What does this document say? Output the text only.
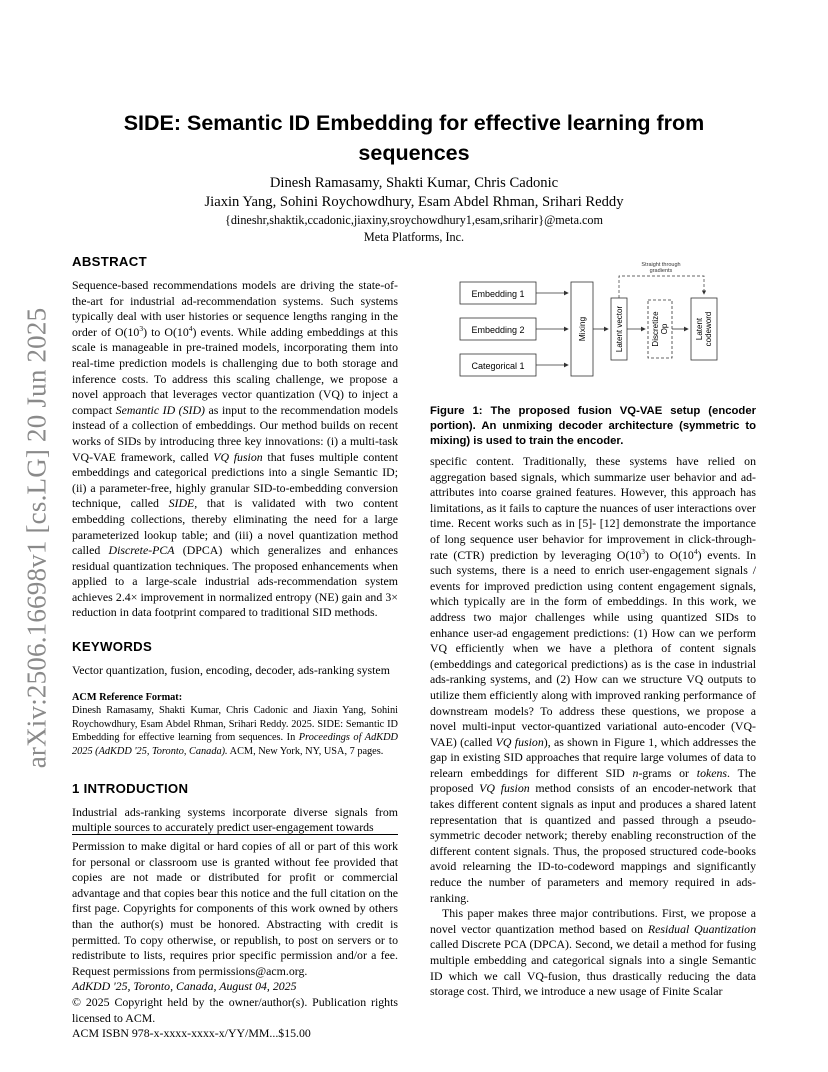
SIDE: Semantic ID Embedding for effective learning from sequences
Dinesh Ramasamy, Shakti Kumar, Chris Cadonic
Jiaxin Yang, Sohini Roychowdhury, Esam Abdel Rhman, Srihari Reddy
{dineshr,shaktik,ccadonic,jiaxiny,sroychowdhury1,esam,sriharir}@meta.com
Meta Platforms, Inc.
arXiv:2506.16698v1 [cs.LG] 20 Jun 2025
ABSTRACT

Sequence-based recommendations models are driving the state-of-the-art for industrial ad-recommendation systems. Such systems typically deal with user histories or sequence lengths ranging in the order of $O(10^3)$ to $O(10^4)$ events. While adding embeddings at this scale is manageable in pre-trained models, incorporating them into real-time prediction models is challenging due to both storage and inference costs. To address this scaling challenge, we propose a novel approach that leverages vector quantization (VQ) to inject a compact Semantic ID (SID) as input to the recommendation models instead of a collection of embeddings. Our method builds on recent works of SIDs by introducing three key innovations: (i) a multi-task VQ-VAE framework, called VQ fusion that fuses multiple content embeddings and categorical predictions into a single Semantic ID; (ii) a parameter-free, highly granular SID-to-embedding conversion technique, called SIDE, that is validated with two content embedding collections, thereby eliminating the need for a large parameterized lookup table; and (iii) a novel quantization method called Discrete-PCA (DPCA) which generalizes and enhances residual quantization techniques. The proposed enhancements when applied to a large-scale industrial ads-recommendation system achieves 2.4× improvement in normalized entropy (NE) gain and 3× reduction in data footprint compared to traditional SID methods.

KEYWORDS

Vector quantization, fusion, encoding, decoder, ads-ranking system

ACM Reference Format:
Dinesh Ramasamy, Shakti Kumar, Chris Cadonic and Jiaxin Yang, Sohini Roychowdhury, Esam Abdel Rhman, Srihari Reddy. 2025. SIDE: Semantic ID Embedding for effective learning from sequences. In Proceedings of AdKDD 2025 (AdKDD '25, Toronto, Canada). ACM, New York, NY, USA, 7 pages.

1 INTRODUCTION

Industrial ads-ranking systems incorporate diverse signals from multiple sources to accurately predict user-engagement towards

Permission to make digital or hard copies of all or part of this work for personal or classroom use is granted without fee provided that copies are not made or distributed for profit or commercial advantage and that copies bear this notice and the full citation on the first page. Copyrights for components of this work owned by others than the author(s) must be honored. Abstracting with credit is permitted. To copy otherwise, or republish, to post on servers or to redistribute to lists, requires prior specific permission and/or a fee. Request permissions from permissions@acm.org.

AdKDD '25, Toronto, Canada, August 04, 2025

© 2025 Copyright held by the owner/author(s). Publication rights licensed to ACM.

ACM ISBN 978-x-xxxx-xxxx-x/YY/MM...$15.00

Embedding 1
Embedding 2
Categorical 1
Mixing	Latent vector	Discretize Op	Latent codeword
Straight through
gradients
Figure 1: The proposed fusion VQ-VAE setup (encoder portion). An unmixing decoder architecture (symmetric to mixing) is used to train the encoder.

specific content. Traditionally, these systems have relied on aggregation based signals, which summarize user behavior and ad-attributes into coarse grained features. However, this approach has limitations, as it fails to capture the nuances of user interactions over time. Recent works such as in [5]- [12] demonstrate the importance of long sequence user behavior for improvement in click-through-rate (CTR) prediction by leveraging $O(10^3)$ to $O(10^4)$ events. In such systems, there is a need to enrich user-engagement signals / events for improved prediction using content engagement signals, which typically are in the form of embeddings. In this work, we address two major challenges while using quantized SIDs to enhance user-ad engagement predictions: (1) How can we perform VQ efficiently when we have a plethora of content signals (embeddings and categorical predictions) as is the case in industrial ads-ranking systems, and (2) How can we structure VQ outputs to utilize them efficiently along with improved ranking performance of downstream models? To address these questions, we propose a novel multi-input vector-quantized variational auto-encoder (VQ-VAE) (called VQ fusion), as shown in Figure 1, which addresses the gap in existing SID approaches that require large volumes of data to relearn embeddings for different SID n-grams or tokens. The proposed VQ fusion method consists of an encoder-network that takes different content signals as input and produces a shared latent representation that is quantized and passed through a pseudo-symmetric decoder network; thereby enabling reconstruction of the different content signals. Thus, the proposed structured code-books avoid relearning the ID-to-codeword mappings and significantly reduce the number of parameters and memory required in ads-ranking.

This paper makes three major contributions. First, we propose a novel vector quantization method based on Residual Quantization called Discrete PCA (DPCA). Second, we detail a method for fusing multiple embedding and categorical signals into a single Semantic ID which we call VQ-fusion, thus drastically reducing the data storage cost. Third, we introduce a new usage of Finite Scalar
